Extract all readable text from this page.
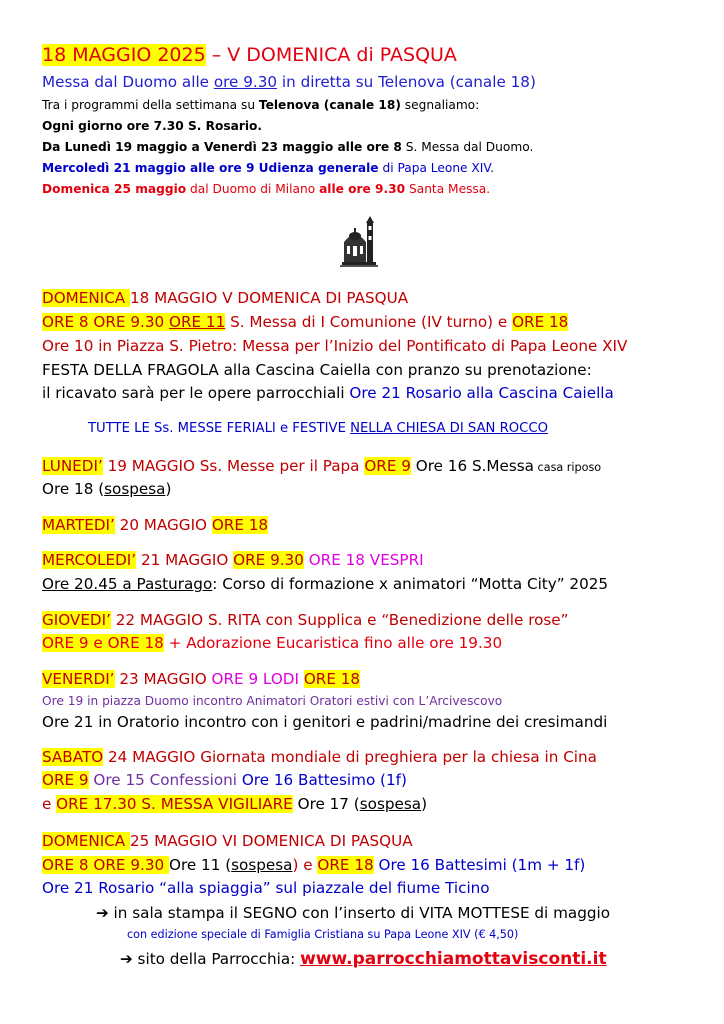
18 MAGGIO 2025 – V DOMENICA di PASQUA
Messa dal Duomo alle ore 9.30 in diretta su Telenova (canale 18)
Tra i programmi della settimana su Telenova (canale 18) segnaliamo:
Ogni giorno ore 7.30 S. Rosario.
Da Lunedì 19 maggio a Venerdì 23 maggio alle ore 8 S. Messa dal Duomo.
Mercoledì 21 maggio alle ore 9 Udienza generale di Papa Leone XIV.
Domenica 25 maggio dal Duomo di Milano alle ore 9.30 Santa Messa.
DOMENICA 18 MAGGIO V DOMENICA DI PASQUA
ORE 8 ORE 9.30 ORE 11 S. Messa di I Comunione (IV turno) e ORE 18
Ore 10 in Piazza S. Pietro: Messa per l’Inizio del Pontificato di Papa Leone XIV
FESTA DELLA FRAGOLA alla Cascina Caiella con pranzo su prenotazione:
il ricavato sarà per le opere parrocchiali Ore 21 Rosario alla Cascina Caiella
TUTTE LE Ss. MESSE FERIALI e FESTIVE NELLA CHIESA DI SAN ROCCO
LUNEDI’ 19 MAGGIO Ss. Messe per il Papa ORE 9 Ore 16 S.Messa casa riposo
Ore 18 (sospesa)
MARTEDI’ 20 MAGGIO ORE 18
MERCOLEDI’ 21 MAGGIO ORE 9.30 ORE 18 VESPRI
Ore 20.45 a Pasturago: Corso di formazione x animatori “Motta City” 2025
GIOVEDI’ 22 MAGGIO S. RITA con Supplica e “Benedizione delle rose”
ORE 9 e ORE 18 + Adorazione Eucaristica fino alle ore 19.30
VENERDI’ 23 MAGGIO ORE 9 LODI ORE 18
Ore 19 in piazza Duomo incontro Animatori Oratori estivi con L’Arcivescovo
Ore 21 in Oratorio incontro con i genitori e padrini/madrine dei cresimandi
SABATO 24 MAGGIO Giornata mondiale di preghiera per la chiesa in Cina
ORE 9 Ore 15 Confessioni Ore 16 Battesimo (1f)
e ORE 17.30 S. MESSA VIGILIARE Ore 17 (sospesa)
DOMENICA 25 MAGGIO VI DOMENICA DI PASQUA
ORE 8 ORE 9.30 Ore 11 (sospesa) e ORE 18 Ore 16 Battesimi (1m + 1f)
Ore 21 Rosario “alla spiaggia” sul piazzale del fiume Ticino
➔ in sala stampa il SEGNO con l’inserto di VITA MOTTESE di maggio
con edizione speciale di Famiglia Cristiana su Papa Leone XIV (€ 4,50)
➔ sito della Parrocchia: www.parrocchiamottavisconti.it
